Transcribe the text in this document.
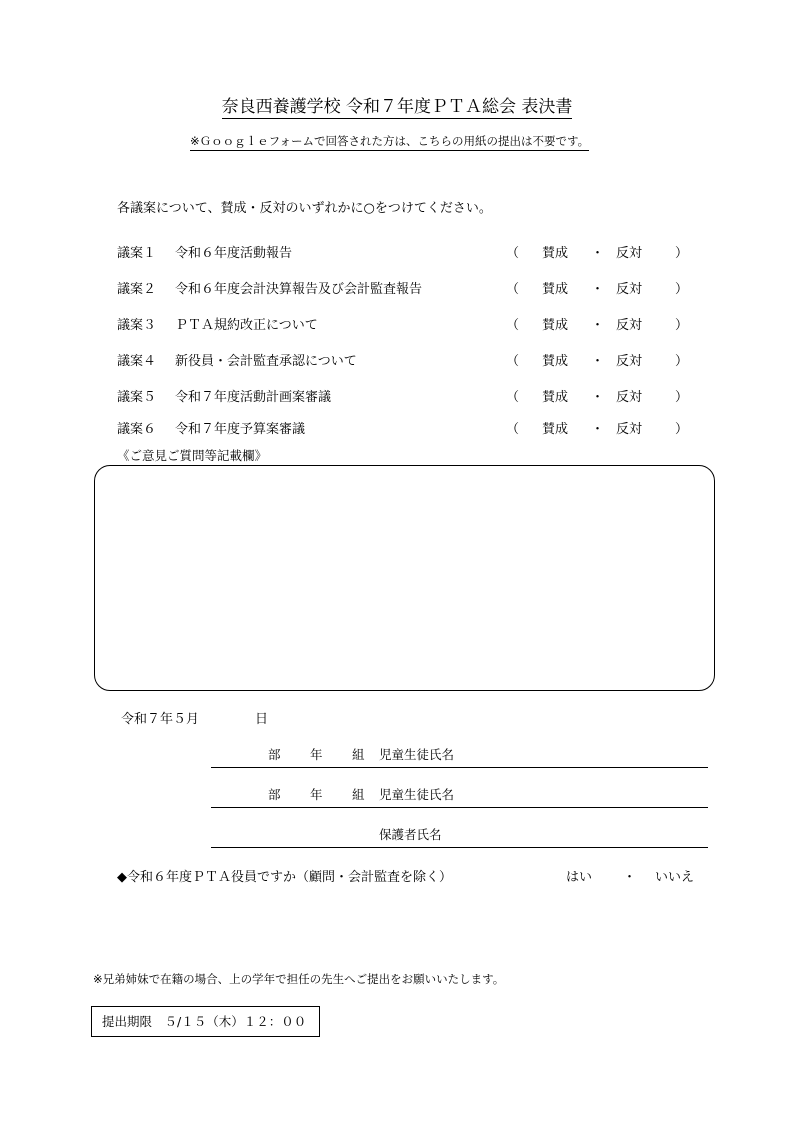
奈良西養護学校 令和７年度ＰＴＡ総会 表決書
※Ｇｏｏｇｌｅフォームで回答された方は、こちらの用紙の提出は不要です。
各議案について、賛成・反対のいずれかに○をつけてください。
議案１ 令和６年度活動報告	（ 賛成 ・ 反対	）
議案２ 令和６年度会計決算報告及び会計監査報告	（ 賛成 ・ 反対	）
議案３ ＰＴＡ規約改正について	（ 賛成 ・ 反対	）
議案４ 新役員・会計監査承認について	（ 賛成 ・ 反対	）
議案５ 令和７年度活動計画案審議	（ 賛成 ・ 反対	）
議案６ 令和７年度予算案審議	（ 賛成 ・ 反対	）
《ご意見ご質問等記載欄》
令和７年５月	日
部 年 組 児童生徒氏名
部 年 組 児童生徒氏名
保護者氏名
◆令和６年度ＰＴＡ役員ですか（顧問・会計監査を除く）	はい ・ いいえ
※兄弟姉妹で在籍の場合、上の学年で担任の先生へご提出をお願いいたします。
提出期限　５/１５（木）１２：００
